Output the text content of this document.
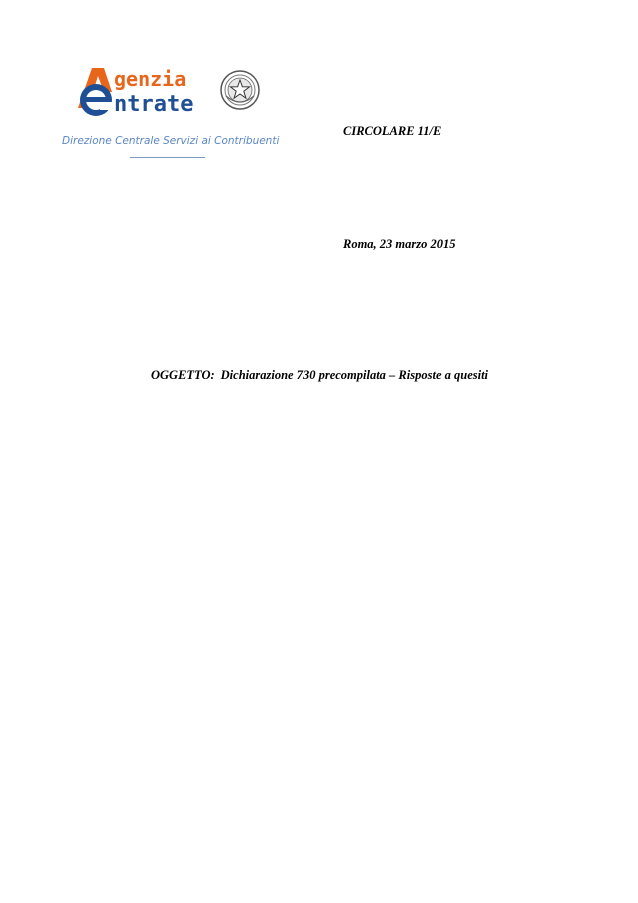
genzia
ntrate
Direzione Centrale Servizi ai Contribuenti
CIRCOLARE 11/E
Roma, 23 marzo 2015
OGGETTO: Dichiarazione 730 precompilata – Risposte a quesiti
